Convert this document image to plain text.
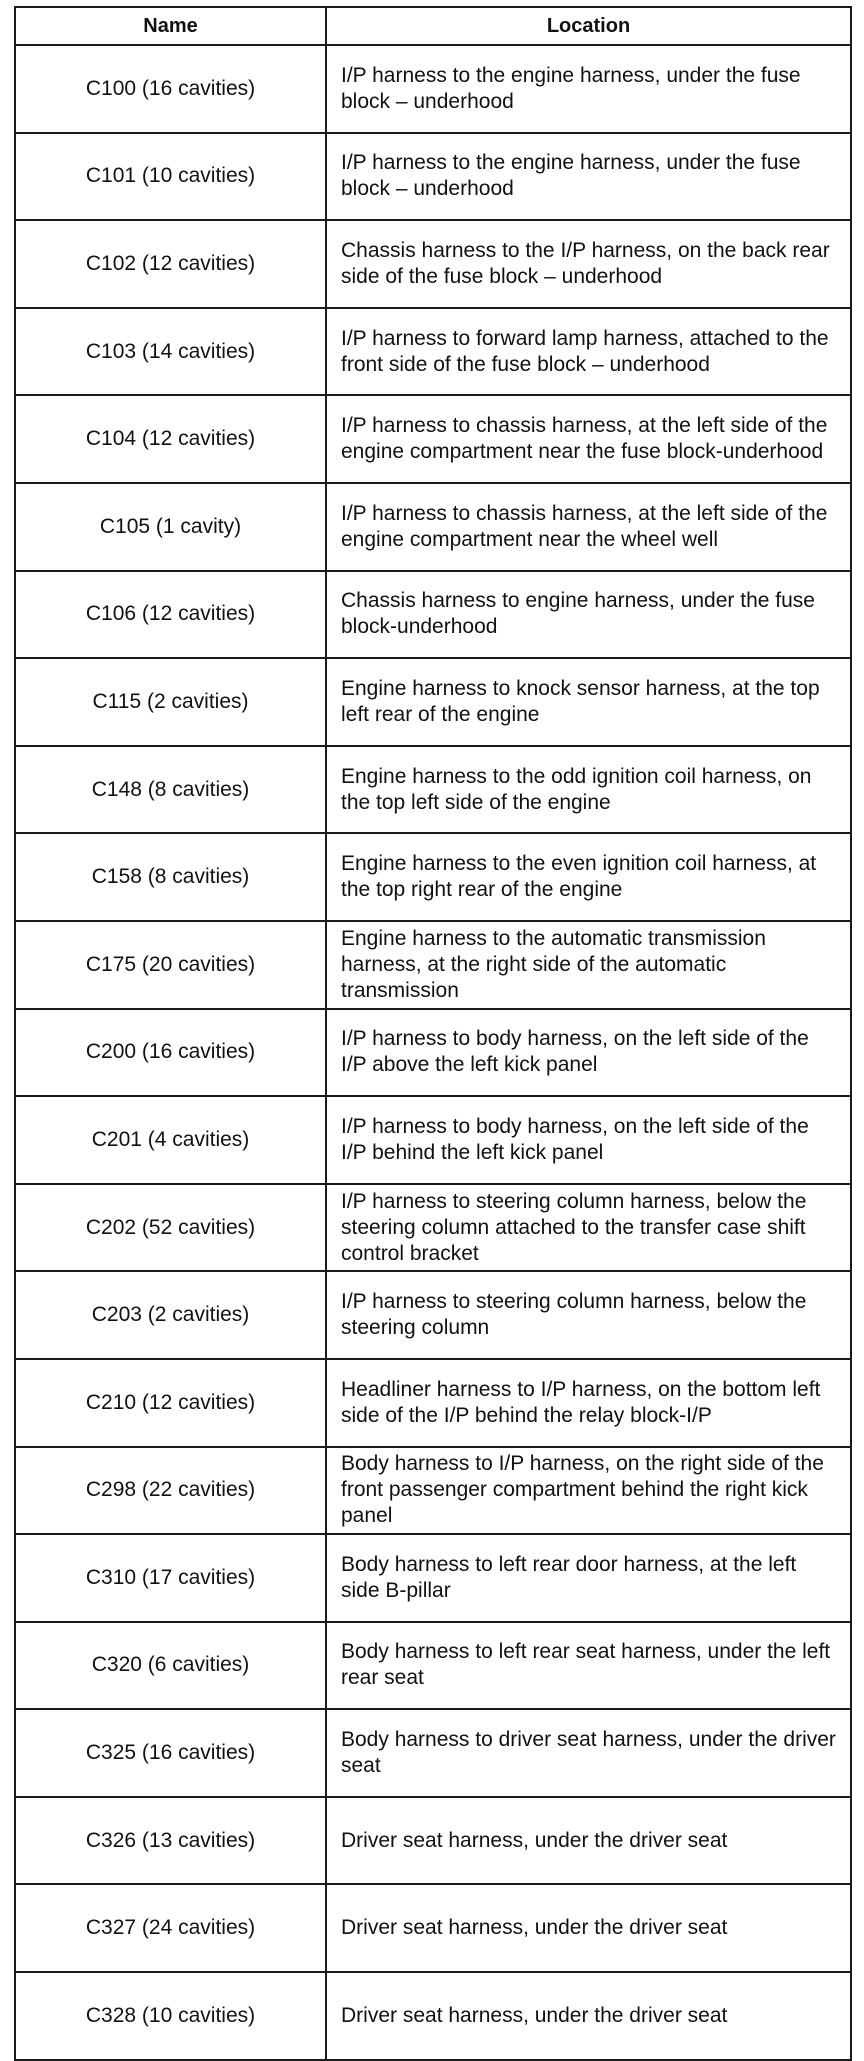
Name	Location
C100 (16 cavities)	I/P harness to the engine harness, under the fuse block – underhood
C101 (10 cavities)	I/P harness to the engine harness, under the fuse block – underhood
C102 (12 cavities)	Chassis harness to the I/P harness, on the back rear side of the fuse block – underhood
C103 (14 cavities)	I/P harness to forward lamp harness, attached to the front side of the fuse block – underhood
C104 (12 cavities)	I/P harness to chassis harness, at the left side of the engine compartment near the fuse block-underhood
C105 (1 cavity)	I/P harness to chassis harness, at the left side of the engine compartment near the wheel well
C106 (12 cavities)	Chassis harness to engine harness, under the fuse block-underhood
C115 (2 cavities)	Engine harness to knock sensor harness, at the top left rear of the engine
C148 (8 cavities)	Engine harness to the odd ignition coil harness, on the top left side of the engine
C158 (8 cavities)	Engine harness to the even ignition coil harness, at the top right rear of the engine
C175 (20 cavities)	Engine harness to the automatic transmission harness, at the right side of the automatic transmission
C200 (16 cavities)	I/P harness to body harness, on the left side of the I/P above the left kick panel
C201 (4 cavities)	I/P harness to body harness, on the left side of the I/P behind the left kick panel
C202 (52 cavities)	I/P harness to steering column harness, below the steering column attached to the transfer case shift control bracket
C203 (2 cavities)	I/P harness to steering column harness, below the steering column
C210 (12 cavities)	Headliner harness to I/P harness, on the bottom left side of the I/P behind the relay block-I/P
C298 (22 cavities)	Body harness to I/P harness, on the right side of the front passenger compartment behind the right kick panel
C310 (17 cavities)	Body harness to left rear door harness, at the left side B-pillar
C320 (6 cavities)	Body harness to left rear seat harness, under the left rear seat
C325 (16 cavities)	Body harness to driver seat harness, under the driver seat
C326 (13 cavities)	Driver seat harness, under the driver seat
C327 (24 cavities)	Driver seat harness, under the driver seat
C328 (10 cavities)	Driver seat harness, under the driver seat
